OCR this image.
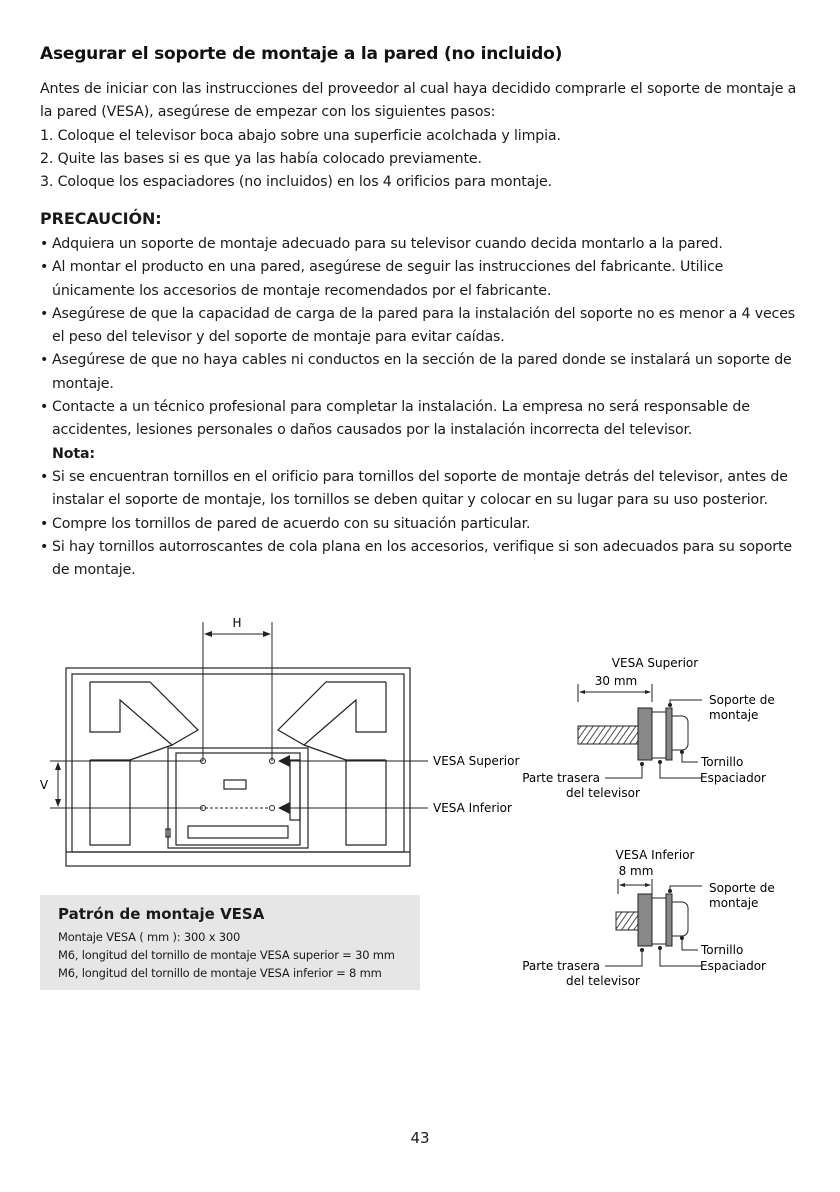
Asegurar el soporte de montaje a la pared (no incluido)
Antes de iniciar con las instrucciones del proveedor al cual haya decidido comprarle el soporte de montaje a la pared (VESA), asegúrese de empezar con los siguientes pasos:
1. Coloque el televisor boca abajo sobre una superficie acolchada y limpia.
2. Quite las bases si es que ya las había colocado previamente.
3. Coloque los espaciadores (no incluidos) en los 4 orificios para montaje.
PRECAUCIÓN:
• Adquiera un soporte de montaje adecuado para su televisor cuando decida montarlo a la pared.
• Al montar el producto en una pared, asegúrese de seguir las instrucciones del fabricante. Utilice únicamente los accesorios de montaje recomendados por el fabricante.
• Asegúrese de que la capacidad de carga de la pared para la instalación del soporte no es menor a 4 veces el peso del televisor y del soporte de montaje para evitar caídas.
• Asegúrese de que no haya cables ni conductos en la sección de la pared donde se instalará un soporte de montaje.
• Contacte a un técnico profesional para completar la instalación. La empresa no será responsable de accidentes, lesiones personales o daños causados por la instalación incorrecta del televisor.
Nota:
• Si se encuentran tornillos en el orificio para tornillos del soporte de montaje detrás del televisor, antes de instalar el soporte de montaje, los tornillos se deben quitar y colocar en su lugar para su uso posterior.
• Compre los tornillos de pared de acuerdo con su situación particular.
• Si hay tornillos autorroscantes de cola plana en los accesorios, verifique si son adecuados para su soporte de montaje.
H
V
VESA Superior
VESA Inferior
VESA Superior
30 mm
Soporte de
montaje
Tornillo
Espaciador
Parte trasera
del televisor
VESA Inferior
8 mm
Soporte de
montaje
Tornillo
Espaciador
Parte trasera
del televisor
Patrón de montaje VESA
Montaje VESA ( mm ): 300 x 300
M6, longitud del tornillo de montaje VESA superior = 30 mm
M6, longitud del tornillo de montaje VESA inferior = 8 mm
43
